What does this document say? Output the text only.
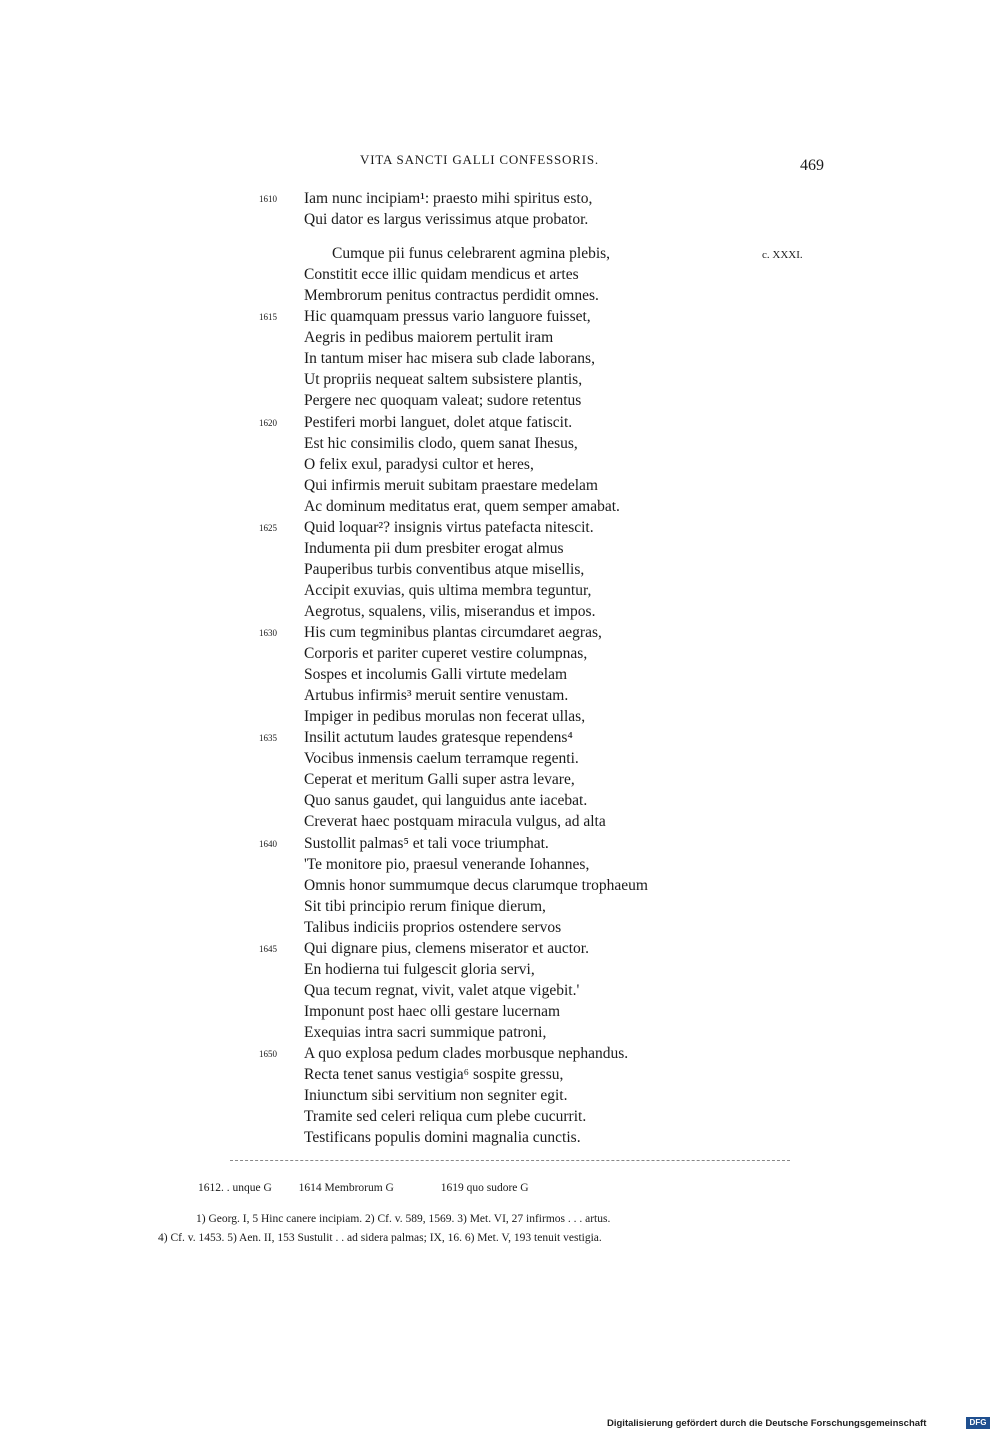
VITA SANCTI GALLI CONFESSORIS.	469
Iam nunc incipiam¹: praesto mihi spiritus esto,
1610
Qui dator es largus verissimus atque probator.
Cumque pii funus celebrarent agmina plebis,
Constitit ecce illic quidam mendicus et artes
Membrorum penitus contractus perdidit omnes.
Hic quamquam pressus vario languore fuisset,
1615
Aegris in pedibus maiorem pertulit iram
In tantum miser hac misera sub clade laborans,
Ut propriis nequeat saltem subsistere plantis,
Pergere nec quoquam valeat; sudore retentus
Pestiferi morbi languet, dolet atque fatiscit.
1620
Est hic consimilis clodo, quem sanat Ihesus,
O felix exul, paradysi cultor et heres,
Qui infirmis meruit subitam praestare medelam
Ac dominum meditatus erat, quem semper amabat.
Quid loquar²? insignis virtus patefacta nitescit.
1625
Indumenta pii dum presbiter erogat almus
Pauperibus turbis conventibus atque misellis,
Accipit exuvias, quis ultima membra teguntur,
Aegrotus, squalens, vilis, miserandus et impos.
His cum tegminibus plantas circumdaret aegras,
1630
Corporis et pariter cuperet vestire columpnas,
Sospes et incolumis Galli virtute medelam
Artubus infirmis³ meruit sentire venustam.
Impiger in pedibus morulas non fecerat ullas,
Insilit actutum laudes gratesque rependens⁴
1635
Vocibus inmensis caelum terramque regenti.
Ceperat et meritum Galli super astra levare,
Quo sanus gaudet, qui languidus ante iacebat.
Creverat haec postquam miracula vulgus, ad alta
Sustollit palmas⁵ et tali voce triumphat.
1640
'Te monitore pio, praesul venerande Iohannes,
Omnis honor summumque decus clarumque trophaeum
Sit tibi principio rerum finique dierum,
Talibus indiciis proprios ostendere servos
Qui dignare pius, clemens miserator et auctor.
1645
En hodierna tui fulgescit gloria servi,
Qua tecum regnat, vivit, valet atque vigebit.'
Imponunt post haec olli gestare lucernam
Exequias intra sacri summique patroni,
A quo explosa pedum clades morbusque nephandus.
1650
Recta tenet sanus vestigia⁶ sospite gressu,
Iniunctum sibi servitium non segniter egit.
Tramite sed celeri reliqua cum plebe cucurrit.
Testificans populis domini magnalia cunctis.
c. XXXI.
1612. . unque G 1614 Membrorum G	1619 quo sudore G
1) Georg. I, 5 Hinc canere incipiam. 2) Cf. v. 589, 1569. 3) Met. VI, 27 infirmos . . . artus.
4) Cf. v. 1453. 5) Aen. II, 153 Sustulit . . ad sidera palmas; IX, 16. 6) Met. V, 193 tenuit vestigia.
Digitalisierung gefördert durch die Deutsche Forschungsgemeinschaft	DFG
